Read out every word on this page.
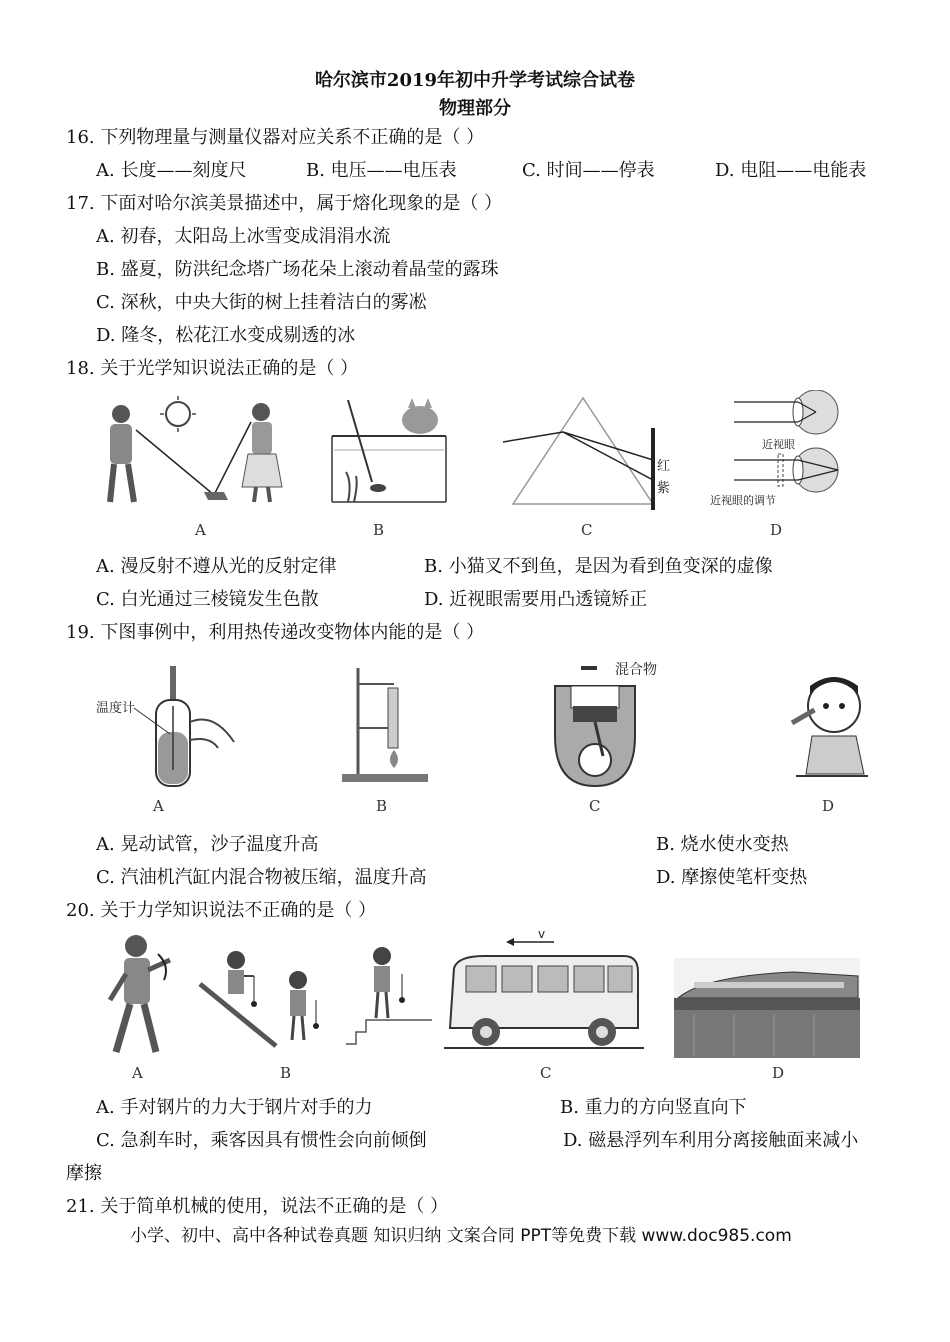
哈尔滨市2019年初中升学考试综合试卷
物理部分
16. 下列物理量与测量仪器对应关系不正确的是（ ）
A. 长度——刻度尺	B. 电压——电压表	C. 时间——停表	D. 电阻——电能表
17. 下面对哈尔滨美景描述中，属于熔化现象的是（ ）
A. 初春，太阳岛上冰雪变成涓涓水流
B. 盛夏，防洪纪念塔广场花朵上滚动着晶莹的露珠
C. 深秋，中央大街的树上挂着洁白的雾凇
D. 隆冬，松花江水变成剔透的冰
18. 关于光学知识说法正确的是（ ）
A	B
红
紫
C
近视眼
近视眼的调节
D
A. 漫反射不遵从光的反射定律	B. 小猫叉不到鱼，是因为看到鱼变深的虚像
C. 白光通过三棱镜发生色散	D. 近视眼需要用凸透镜矫正
19. 下图事例中，利用热传递改变物体内能的是（ ）
温度计
A	B
混合物
C	D
A. 晃动试管，沙子温度升高	B. 烧水使水变热
C. 汽油机汽缸内混合物被压缩，温度升高	D. 摩擦使笔杆变热
20. 关于力学知识说法不正确的是（ ）
A	B
v
C	D
A. 手对钢片的力大于钢片对手的力	B. 重力的方向竖直向下
C. 急刹车时，乘客因具有惯性会向前倾倒	D. 磁悬浮列车利用分离接触面来减小
摩擦
21. 关于简单机械的使用，说法不正确的是（ ）
小学、初中、高中各种试卷真题 知识归纳 文案合同 PPT等免费下载 www.doc985.com
